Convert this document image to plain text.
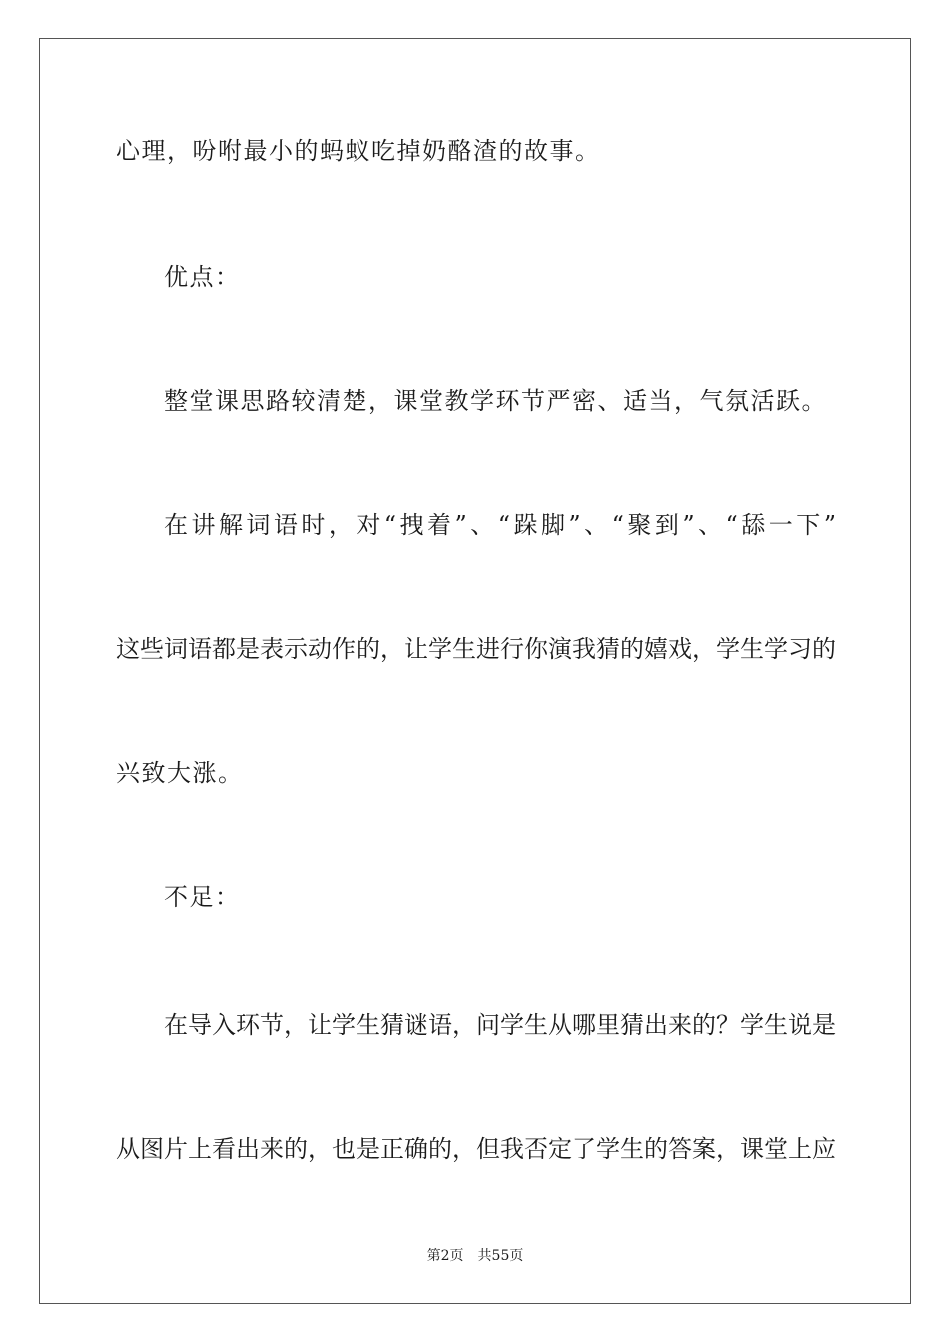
心理，吩咐最小的蚂蚁吃掉奶酪渣的故事。
优点：
整堂课思路较清楚，课堂教学环节严密、适当，气氛活跃。
在讲解词语时，对“拽着”、“跺脚”、“聚到”、“舔一下”
这些词语都是表示动作的，让学生进行你演我猜的嬉戏，学生学习的
兴致大涨。
不足：
在导入环节，让学生猜谜语，问学生从哪里猜出来的？学生说是
从图片上看出来的，也是正确的，但我否定了学生的答案，课堂上应
第2页 共55页
